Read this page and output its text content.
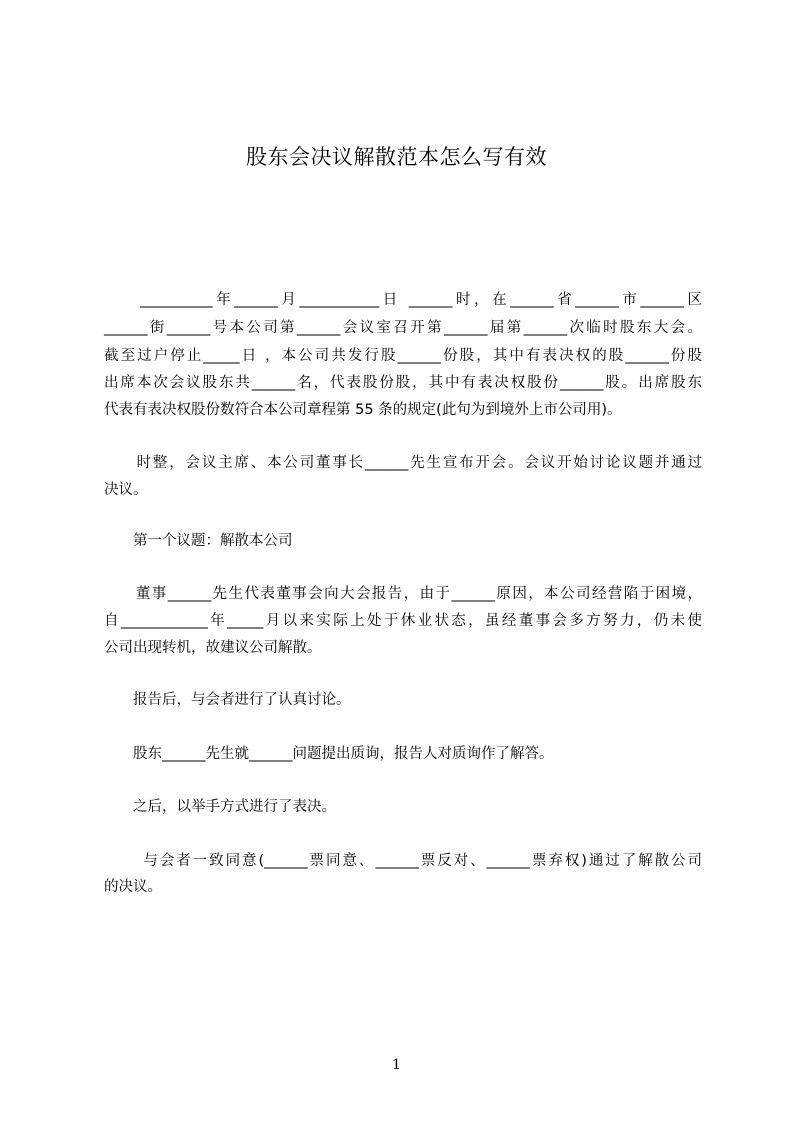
股东会决议解散范本怎么写有效
　　__________年______月___________日 ______时，在______省______市______区
______街______号本公司第______会议室召开第______届第______次临时股东大会。
截至过户停止_____日 ，本公司共发行股______份股，其中有表决权的股______份股
出席本次会议股东共______名，代表股份股，其中有表决权股份______股。出席股东
代表有表决权股份数符合本公司章程第 55 条的规定(此句为到境外上市公司用)。
　　时整，会议主席、本公司董事长______先生宣布开会。会议开始讨论议题并通过
决议。
　　第一个议题：解散本公司
　　董事______先生代表董事会向大会报告，由于______原因，本公司经营陷于困境，
自____________年_____月以来实际上处于休业状态，虽经董事会多方努力，仍未使
公司出现转机，故建议公司解散。
　　报告后，与会者进行了认真讨论。
　　股东______先生就______问题提出质询，报告人对质询作了解答。
　　之后，以举手方式进行了表决。
　　 与会者一致同意(______票同意、______票反对、______票弃权)通过了解散公司
的决议。
1
